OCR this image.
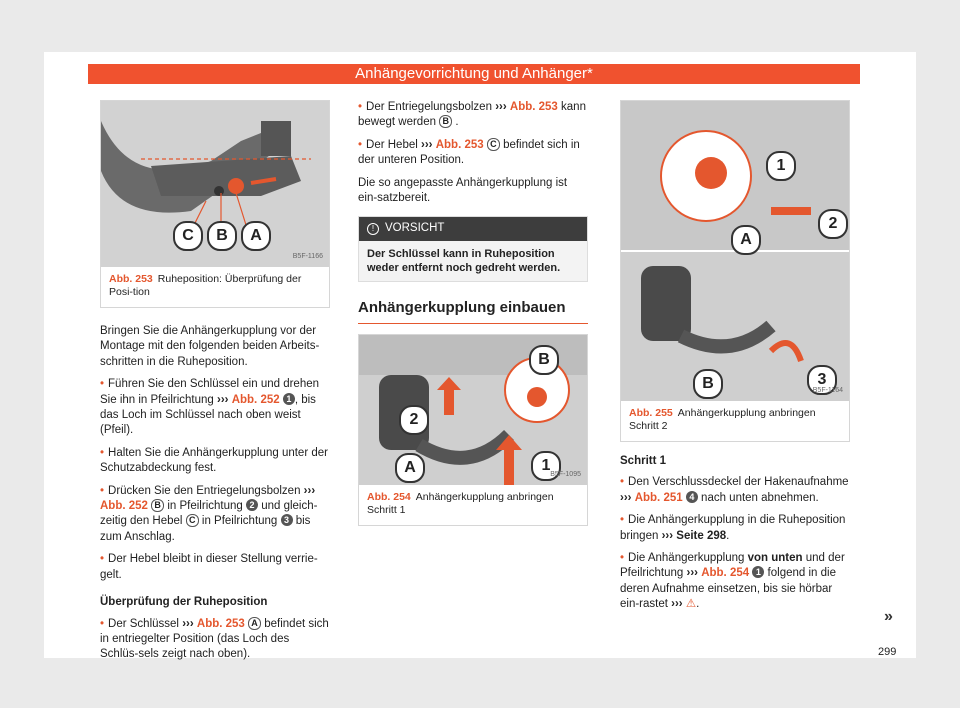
Anhängevorrichtung und Anhänger*
C	B	A
B5F-1166
Abb. 253 Ruheposition: Überprüfung der Posi-tion

Bringen Sie die Anhängerkupplung vor der Montage mit den folgenden beiden Arbeits-schritten in die Ruheposition.

• Führen Sie den Schlüssel ein und drehen Sie ihn in Pfeilrichtung ››› Abb. 252 1 , bis das Loch im Schlüssel nach oben weist (Pfeil).
• Halten Sie die Anhängerkupplung unter der Schutzabdeckung fest.
• Drücken Sie den Entriegelungsbolzen ››› Abb. 252 B in Pfeilrichtung 2 und gleich-zeitig den Hebel C in Pfeilrichtung 3 bis zum Anschlag.
• Der Hebel bleibt in dieser Stellung verrie-gelt.
Überprüfung der Ruheposition
• Der Schlüssel ››› Abb. 253 A befindet sich in entriegelter Position (das Loch des Schlüs-sels zeigt nach oben).
• Der Entriegelungsbolzen ››› Abb. 253 kann bewegt werden B .
• Der Hebel ››› Abb. 253 C befindet sich in der unteren Position.

Die so angepasste Anhängerkupplung ist ein-satzbereit.

! VORSICHT
Der Schlüssel kann in Ruheposition weder entfernt noch gedreht werden.
Anhängerkupplung einbauen
B
2
A	1
B5F-1095
Abb. 254 Anhängerkupplung anbringen Schritt 1
1
2
A
B	3
B5F-1164
Abb. 255 Anhängerkupplung anbringen Schritt 2
Schritt 1
• Den Verschlussdeckel der Hakenaufnahme ››› Abb. 251 4 nach unten abnehmen.
• Die Anhängerkupplung in die Ruheposition bringen ››› Seite 298.
• Die Anhängerkupplung von unten und der Pfeilrichtung ››› Abb. 254 1 folgend in die deren Aufnahme einsetzen, bis sie hörbar ein-rastet ››› ⚠.
»
299
